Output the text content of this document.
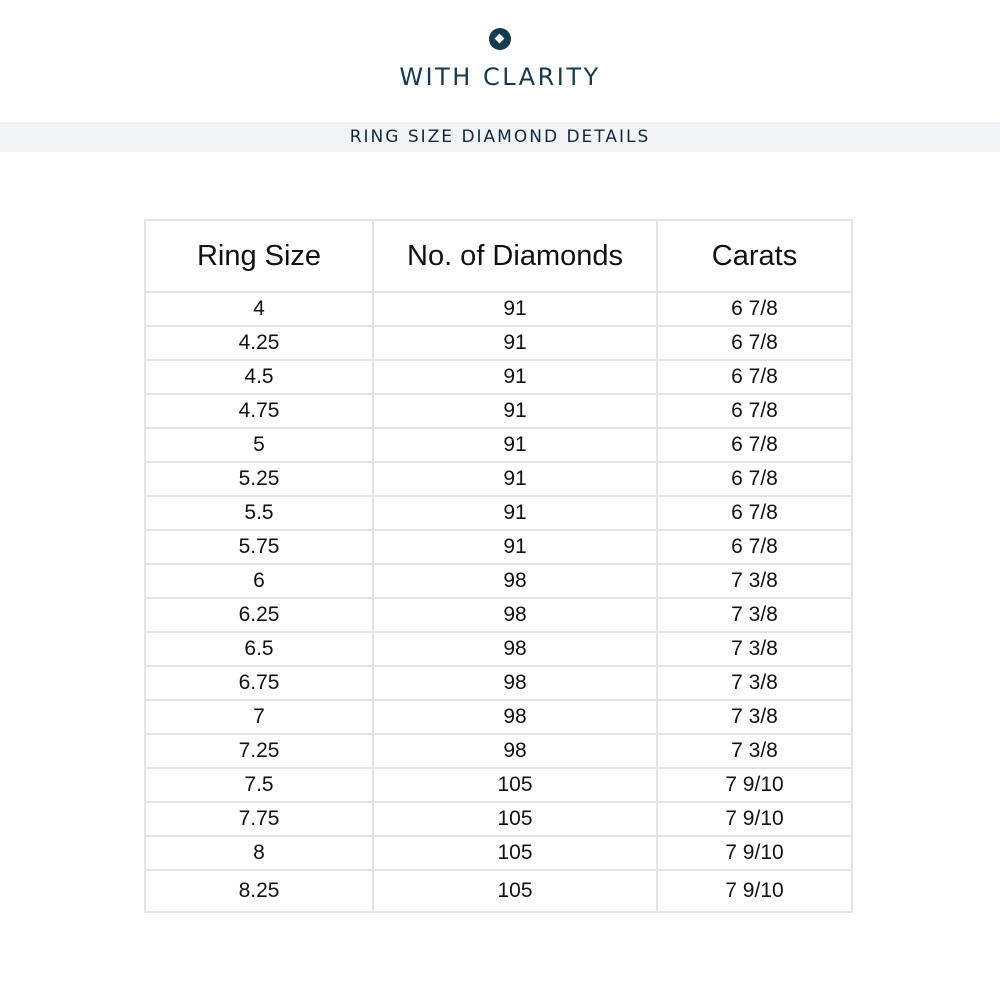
WITH CLARITY
RING SIZE DIAMOND DETAILS
Ring Size	No. of Diamonds	Carats
4	91	6 7/8
4.25	91	6 7/8
4.5	91	6 7/8
4.75	91	6 7/8
5	91	6 7/8
5.25	91	6 7/8
5.5	91	6 7/8
5.75	91	6 7/8
6	98	7 3/8
6.25	98	7 3/8
6.5	98	7 3/8
6.75	98	7 3/8
7	98	7 3/8
7.25	98	7 3/8
7.5	105	7 9/10
7.75	105	7 9/10
8	105	7 9/10
8.25	105	7 9/10
